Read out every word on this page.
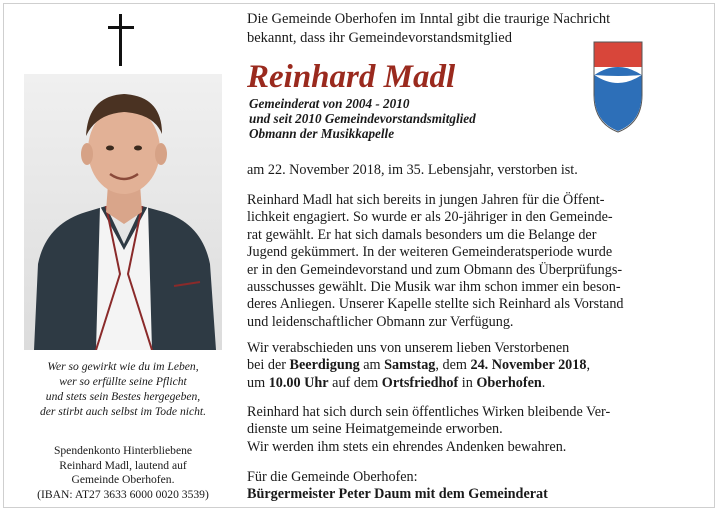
Wer so gewirkt wie du im Leben,
wer so erfüllte seine Pflicht
und stets sein Bestes hergegeben,
der stirbt auch selbst im Tode nicht.
Spendenkonto Hinterbliebene
Reinhard Madl, lautend auf
Gemeinde Oberhofen.
(IBAN: AT27 3633 6000 0020 3539)
Die Gemeinde Oberhofen im Inntal gibt die traurige Nachricht
bekannt, dass ihr Gemeindevorstandsmitglied
Reinhard Madl
Gemeinderat von 2004 - 2010
und seit 2010 Gemeindevorstandsmitglied
Obmann der Musikkapelle
am 22. November 2018, im 35. Lebensjahr, verstorben ist.
Reinhard Madl hat sich bereits in jungen Jahren für die Öffent-
lichkeit engagiert. So wurde er als 20-jähriger in den Gemeinde-
rat gewählt. Er hat sich damals besonders um die Belange der
Jugend gekümmert. In der weiteren Gemeinderatsperiode wurde
er in den Gemeindevorstand und zum Obmann des Überprüfungs-
ausschusses gewählt. Die Musik war ihm schon immer ein beson-
deres Anliegen. Unserer Kapelle stellte sich Reinhard als Vorstand
und leidenschaftlicher Obmann zur Verfügung.
Wir verabschieden uns von unserem lieben Verstorbenen
bei der Beerdigung am Samstag, dem 24. November 2018,
um 10.00 Uhr auf dem Ortsfriedhof in Oberhofen.
Reinhard hat sich durch sein öffentliches Wirken bleibende Ver-
dienste um seine Heimatgemeinde erworben.
Wir werden ihm stets ein ehrendes Andenken bewahren.
Für die Gemeinde Oberhofen:
Bürgermeister Peter Daum mit dem Gemeinderat
